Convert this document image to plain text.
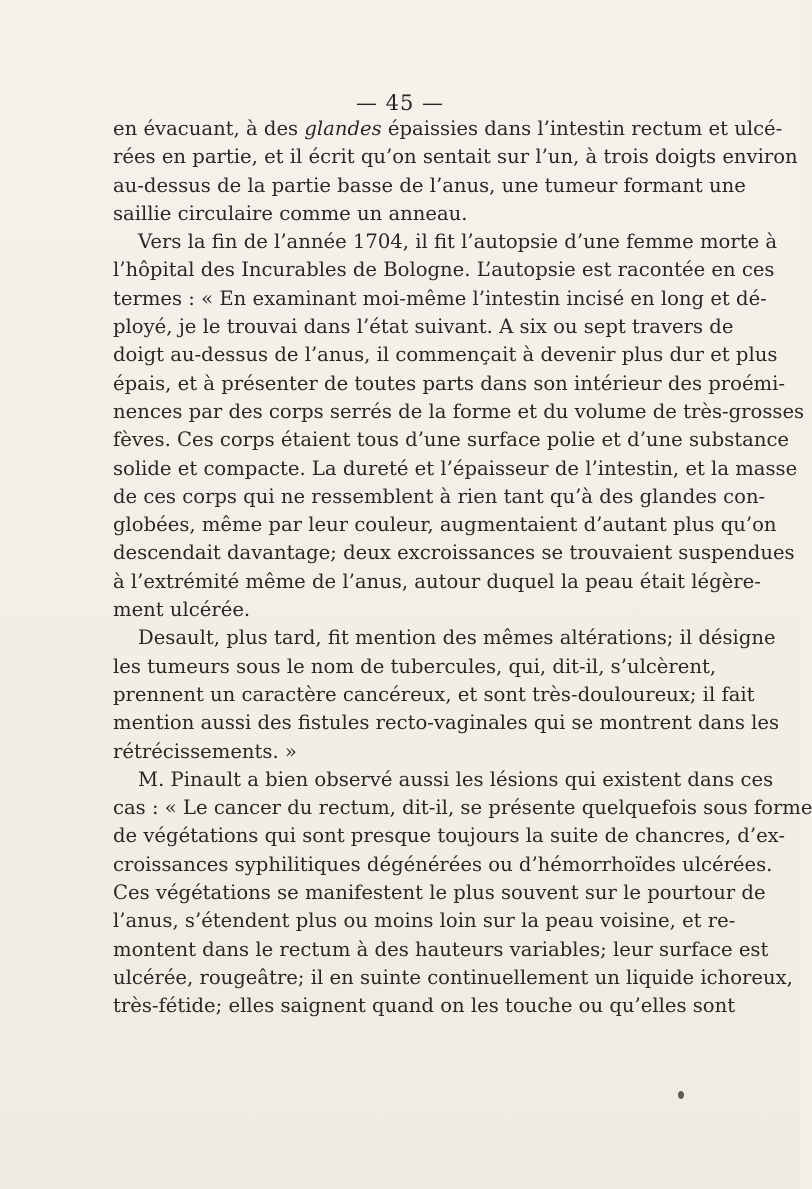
— 45 —
en évacuant, à des glandes épaissies dans l’intestin rectum et ulcé-
rées en partie, et il écrit qu’on sentait sur l’un, à trois doigts environ
au-dessus de la partie basse de l’anus, une tumeur formant une
saillie circulaire comme un anneau.
Vers la fin de l’année 1704, il fit l’autopsie d’une femme morte à
l’hôpital des Incurables de Bologne. L’autopsie est racontée en ces
termes : « En examinant moi-même l’intestin incisé en long et dé-
ployé, je le trouvai dans l’état suivant. A six ou sept travers de
doigt au-dessus de l’anus, il commençait à devenir plus dur et plus
épais, et à présenter de toutes parts dans son intérieur des proémi-
nences par des corps serrés de la forme et du volume de très-grosses
fèves. Ces corps étaient tous d’une surface polie et d’une substance
solide et compacte. La dureté et l’épaisseur de l’intestin, et la masse
de ces corps qui ne ressemblent à rien tant qu’à des glandes con-
globées, même par leur couleur, augmentaient d’autant plus qu’on
descendait davantage; deux excroissances se trouvaient suspendues
à l’extrémité même de l’anus, autour duquel la peau était légère-
ment ulcérée.
Desault, plus tard, fit mention des mêmes altérations; il désigne
les tumeurs sous le nom de tubercules, qui, dit-il, s’ulcèrent,
prennent un caractère cancéreux, et sont très-douloureux; il fait
mention aussi des fistules recto-vaginales qui se montrent dans les
rétrécissements. »
M. Pinault a bien observé aussi les lésions qui existent dans ces
cas : « Le cancer du rectum, dit-il, se présente quelquefois sous forme
de végétations qui sont presque toujours la suite de chancres, d’ex-
croissances syphilitiques dégénérées ou d’hémorrhoïdes ulcérées.
Ces végétations se manifestent le plus souvent sur le pourtour de
l’anus, s’étendent plus ou moins loin sur la peau voisine, et re-
montent dans le rectum à des hauteurs variables; leur surface est
ulcérée, rougeâtre; il en suinte continuellement un liquide ichoreux,
très-fétide; elles saignent quand on les touche ou qu’elles sont
